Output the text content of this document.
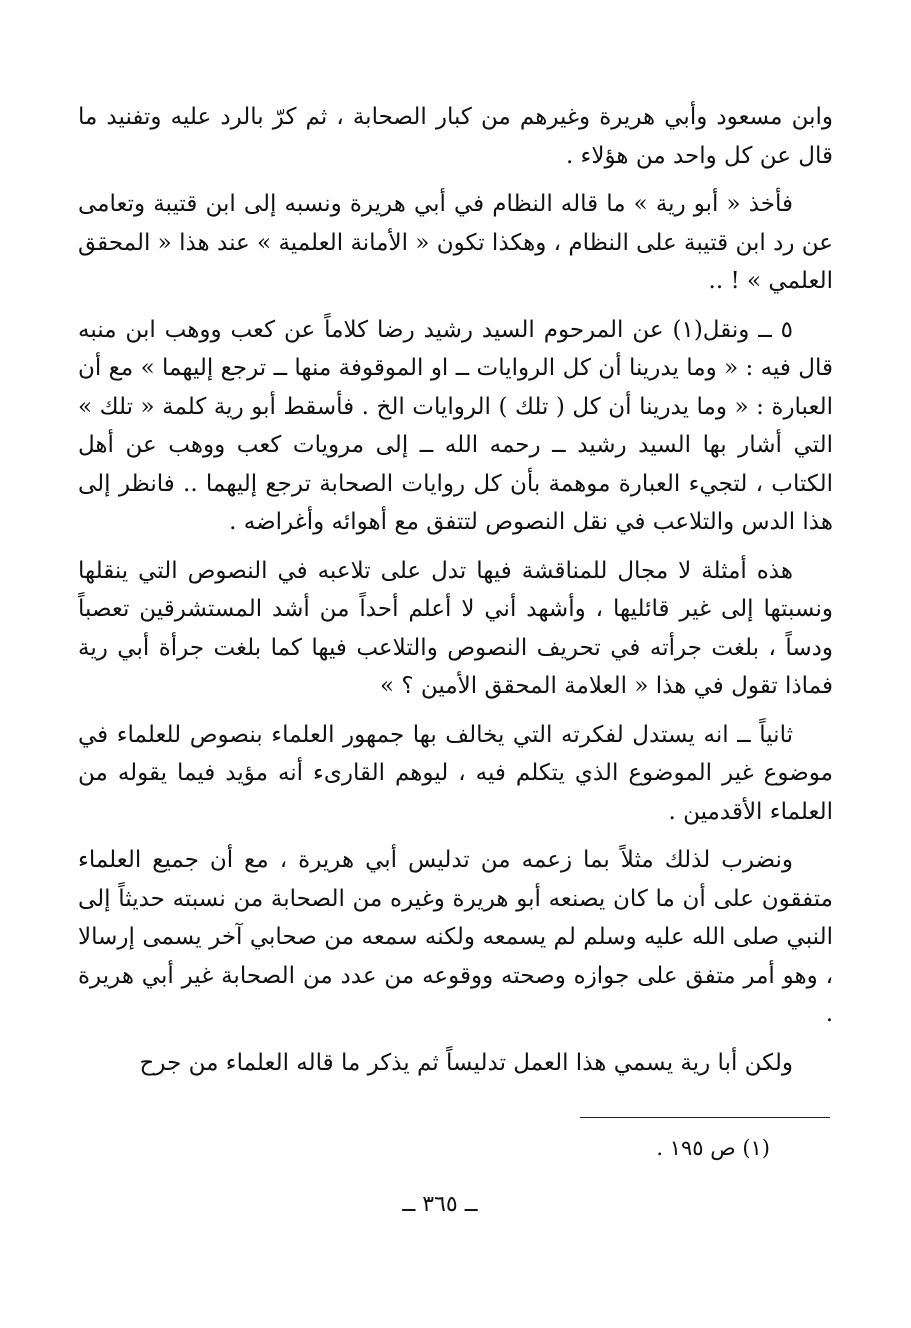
وابن مسعود وأبي هريرة وغيرهم من كبار الصحابة ، ثم كرّ بالرد عليه وتفنيد ما قال عن كل واحد من هؤلاء .

فأخذ « أبو رية » ما قاله النظام في أبي هريرة ونسبه إلى ابن قتيبة وتعامى عن رد ابن قتيبة على النظام ، وهكذا تكون « الأمانة العلمية » عند هذا « المحقق العلمي » ! ..

٥ ــ ونقل(١) عن المرحوم السيد رشيد رضا كلاماً عن كعب ووهب ابن منبه قال فيه : « وما يدرينا أن كل الروايات ــ او الموقوفة منها ــ ترجع إليهما » مع أن العبارة : « وما يدرينا أن كل ( تلك ) الروايات الخ . فأسقط أبو رية كلمة « تلك » التي أشار بها السيد رشيد ــ رحمه الله ــ إلى مرويات كعب ووهب عن أهل الكتاب ، لتجيء العبارة موهمة بأن كل روايات الصحابة ترجع إليهما .. فانظر إلى هذا الدس والتلاعب في نقل النصوص لتتفق مع أهوائه وأغراضه .

هذه أمثلة لا مجال للمناقشة فيها تدل على تلاعبه في النصوص التي ينقلها ونسبتها إلى غير قائليها ، وأشهد أني لا أعلم أحداً من أشد المستشرقين تعصباً ودساً ، بلغت جرأته في تحريف النصوص والتلاعب فيها كما بلغت جرأة أبي رية فماذا تقول في هذا « العلامة المحقق الأمين ؟ »

ثانياً ــ انه يستدل لفكرته التي يخالف بها جمهور العلماء بنصوص للعلماء في موضوع غير الموضوع الذي يتكلم فيه ، ليوهم القارىء أنه مؤيد فيما يقوله من العلماء الأقدمين .

ونضرب لذلك مثلاً بما زعمه من تدليس أبي هريرة ، مع أن جميع العلماء متفقون على أن ما كان يصنعه أبو هريرة وغيره من الصحابة من نسبته حديثاً إلى النبي صلى الله عليه وسلم لم يسمعه ولكنه سمعه من صحابي آخر يسمى إرسالا ، وهو أمر متفق على جوازه وصحته ووقوعه من عدد من الصحابة غير أبي هريرة .

ولكن أبا رية يسمي هذا العمل تدليساً ثم يذكر ما قاله العلماء من جرح

(١) ص ١٩٥ .
ــ ٣٦٥ ــ
